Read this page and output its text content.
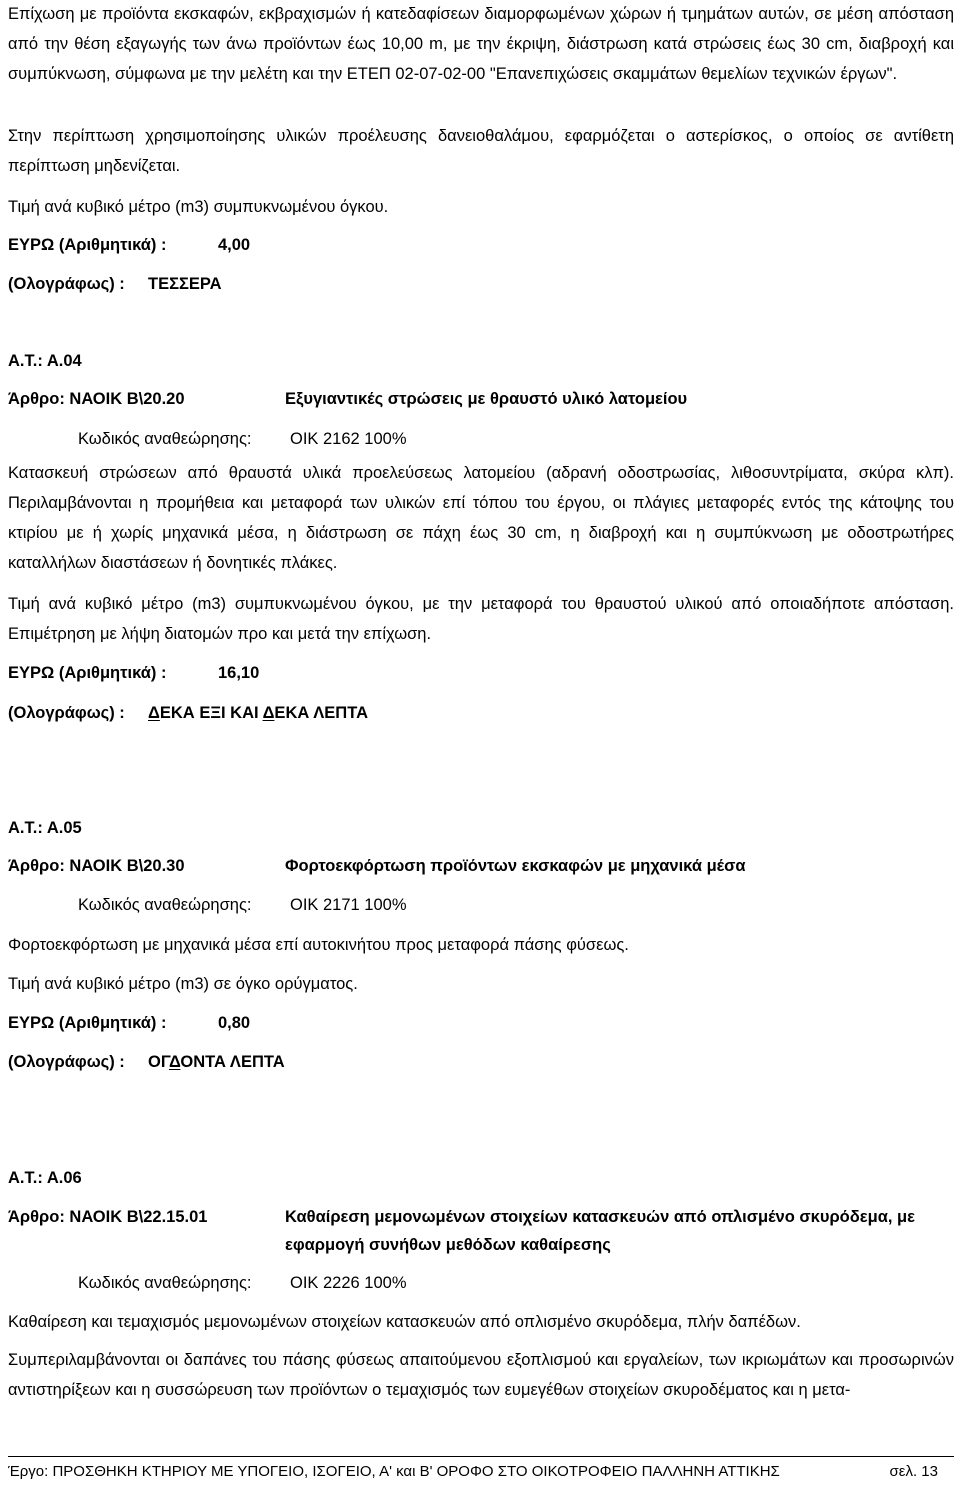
Επίχωση με προϊόντα εκσκαφών, εκβραχισμών ή κατεδαφίσεων διαμορφωμένων χώρων ή τμημάτων αυτών, σε μέση απόσταση από την θέση εξαγωγής των άνω προϊόντων έως 10,00 m, με την έκριψη, διάστρωση κατά στρώσεις έως 30 cm, διαβροχή και συμπύκνωση, σύμφωνα με την μελέτη και την ΕΤΕΠ 02-07-02-00 "Επανεπιχώσεις σκαμμάτων θεμελίων τεχνικών έργων".

Στην περίπτωση χρησιμοποίησης υλικών προέλευσης δανειοθαλάμου, εφαρμόζεται ο αστερίσκος, ο οποίος σε αντίθετη περίπτωση μηδενίζεται.

Τιμή ανά κυβικό μέτρο (m3) συμπυκνωμένου όγκου.
ΕΥΡΩ (Αριθμητικά) :	4,00
(Ολογράφως) : ΤΕΣΣΕΡΑ
Α.Τ.: Α.04
Άρθρο: ΝΑΟΙΚ Β\20.20	Εξυγιαντικές στρώσεις με θραυστό υλικό λατομείου
Κωδικός αναθεώρησης: ΟΙΚ 2162 100%

Κατασκευή στρώσεων από θραυστά υλικά προελεύσεως λατομείου (αδρανή οδοστρωσίας, λιθοσυντρίματα, σκύρα κλπ). Περιλαμβάνονται η προμήθεια και μεταφορά των υλικών επί τόπου του έργου, οι πλάγιες μεταφορές εντός της κάτοψης του κτιρίου με ή χωρίς μηχανικά μέσα, η διάστρωση σε πάχη έως 30 cm, η διαβροχή και η συμπύκνωση με οδοστρωτήρες καταλλήλων διαστάσεων ή δονητικές πλάκες.

Τιμή ανά κυβικό μέτρο (m3) συμπυκνωμένου όγκου, με την μεταφορά του θραυστού υλικού από οποιαδήποτε απόσταση. Επιμέτρηση με λήψη διατομών προ και μετά την επίχωση.

ΕΥΡΩ (Αριθμητικά) :	16,10
(Ολογράφως) : ΔΕΚΑ ΕΞΙ ΚΑΙ ΔΕΚΑ ΛΕΠΤΑ
Α.Τ.: Α.05
Άρθρο: ΝΑΟΙΚ Β\20.30	Φορτοεκφόρτωση προϊόντων εκσκαφών με μηχανικά μέσα
Κωδικός αναθεώρησης: ΟΙΚ 2171 100%
Φορτοεκφόρτωση με μηχανικά μέσα επί αυτοκινήτου προς μεταφορά πάσης φύσεως.
Τιμή ανά κυβικό μέτρο (m3) σε όγκο ορύγματος.
ΕΥΡΩ (Αριθμητικά) :	0,80
(Ολογράφως) : ΟΓΔΟΝΤΑ ΛΕΠΤΑ
Α.Τ.: Α.06
Άρθρο: ΝΑΟΙΚ Β\22.15.01	Καθαίρεση μεμονωμένων στοιχείων κατασκευών από οπλισμένο σκυρόδεμα, με εφαρμογή συνήθων μεθόδων καθαίρεσης
Κωδικός αναθεώρησης: ΟΙΚ 2226 100%
Καθαίρεση και τεμαχισμός μεμονωμένων στοιχείων κατασκευών από οπλισμένο σκυρόδεμα, πλήν δαπέδων.

Συμπεριλαμβάνονται οι δαπάνες του πάσης φύσεως απαιτούμενου εξοπλισμού και εργαλείων, των ικριωμάτων και προσωρινών αντιστηρίξεων και η συσσώρευση των προϊόντων ο τεμαχισμός των ευμεγέθων στοιχείων σκυροδέματος και η μετα-

Έργο: ΠΡΟΣΘΗΚΗ ΚΤΗΡΙΟΥ ΜΕ ΥΠΟΓΕΙΟ, ΙΣΟΓΕΙΟ, Α' και Β' ΟΡΟΦΟ ΣΤΟ ΟΙΚΟΤΡΟΦΕΙΟ ΠΑΛΛΗΝΗ ΑΤΤΙΚΗΣ	σελ. 13
